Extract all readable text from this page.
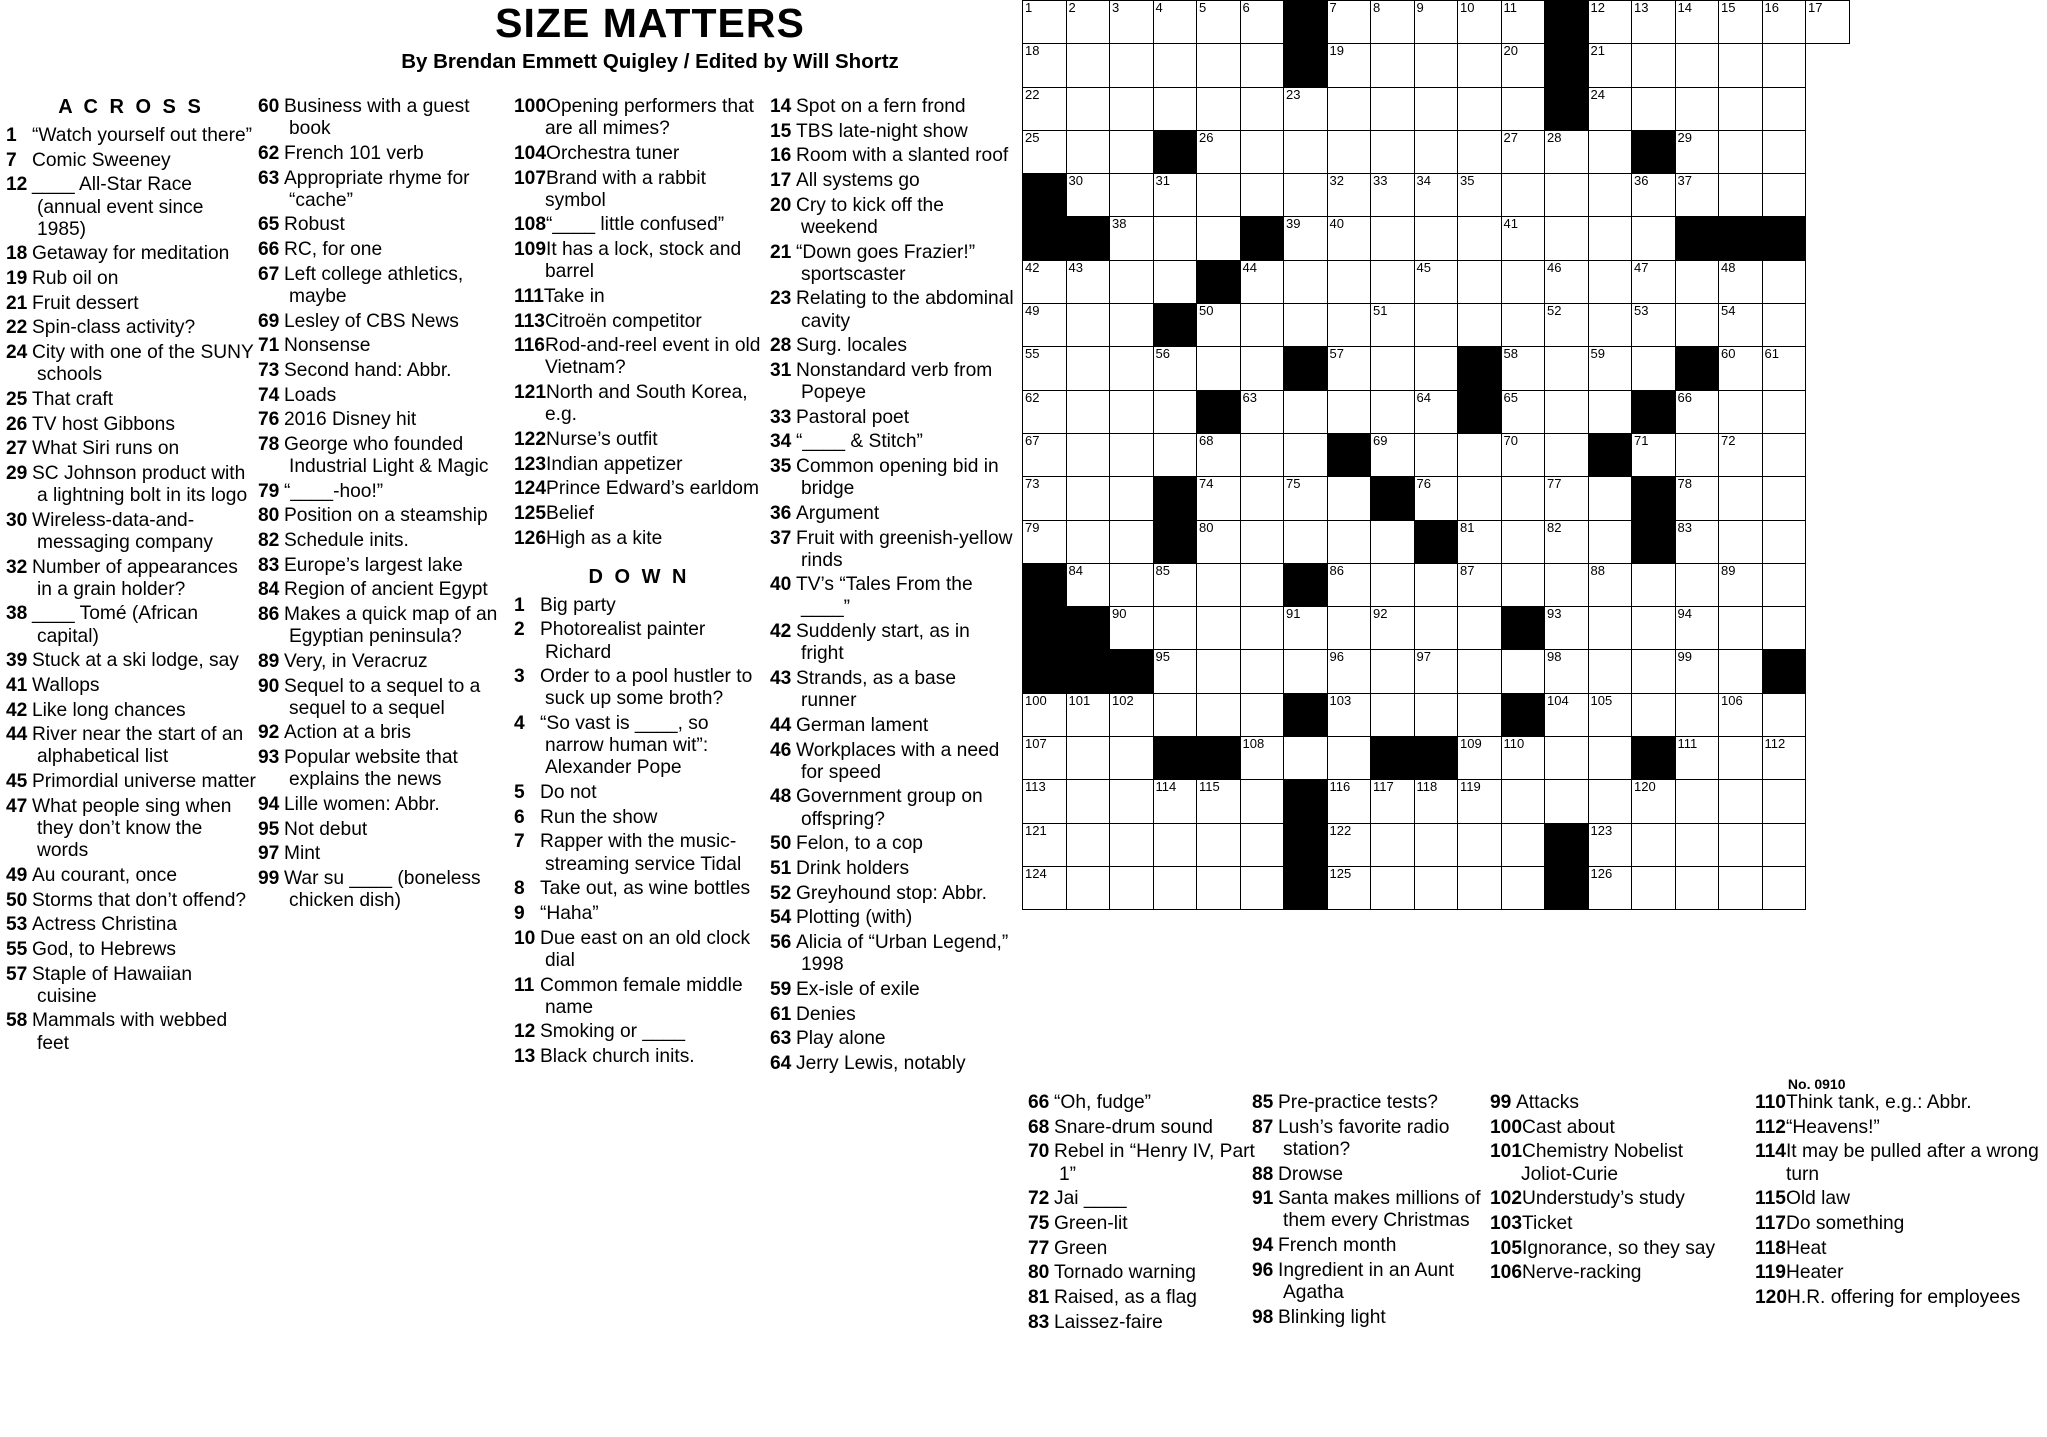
SIZE MATTERS
By Brendan Emmett Quigley / Edited by Will Shortz
A C R O S S
1 “Watch yourself out there”
7 Comic Sweeney
12 ____ All-Star Race (annual event since 1985)
18 Getaway for meditation
19 Rub oil on
21 Fruit dessert
22 Spin-class activity?
24 City with one of the SUNY schools
25 That craft
26 TV host Gibbons
27 What Siri runs on
29 SC Johnson product with a lightning bolt in its logo
30 Wireless-data-and-messaging company
32 Number of appearances in a grain holder?
38 ____ Tomé (African capital)
39 Stuck at a ski lodge, say
41 Wallops
42 Like long chances
44 River near the start of an alphabetical list
45 Primordial universe matter
47 What people sing when they don’t know the words
49 Au courant, once
50 Storms that don’t offend?
53 Actress Christina
55 God, to Hebrews
57 Staple of Hawaiian cuisine
58 Mammals with webbed feet
60 Business with a guest book
62 French 101 verb
63 Appropriate rhyme for “cache”
65 Robust
66 RC, for one
67 Left college athletics, maybe
69 Lesley of CBS News
71 Nonsense
73 Second hand: Abbr.
74 Loads
76 2016 Disney hit
78 George who founded Industrial Light & Magic
79 “____-hoo!”
80 Position on a steamship
82 Schedule inits.
83 Europe’s largest lake
84 Region of ancient Egypt
86 Makes a quick map of an Egyptian peninsula?
89 Very, in Veracruz
90 Sequel to a sequel to a sequel to a sequel
92 Action at a bris
93 Popular website that explains the news
94 Lille women: Abbr.
95 Not debut
97 Mint
99 War su ____ (boneless chicken dish)
100Opening performers that are all mimes?
104Orchestra tuner
107Brand with a rabbit symbol
108“____ little confused”
109It has a lock, stock and barrel
111Take in
113Citroën competitor
116Rod-and-reel event in old Vietnam?
121North and South Korea, e.g.
122Nurse’s outfit
123Indian appetizer
124Prince Edward’s earldom
125Belief
126High as a kite
D O W N
1 Big party
2 Photorealist painter Richard
3 Order to a pool hustler to suck up some broth?
4 “So vast is ____, so narrow human wit”: Alexander Pope
5 Do not
6 Run the show
7 Rapper with the music-streaming service Tidal
8 Take out, as wine bottles
9 “Haha”
10 Due east on an old clock dial
11 Common female middle name
12 Smoking or ____
13 Black church inits.
14 Spot on a fern frond
15 TBS late-night show
16 Room with a slanted roof
17 All systems go
20 Cry to kick off the weekend
21 “Down goes Frazier!” sportscaster
23 Relating to the abdominal cavity
28 Surg. locales
31 Nonstandard verb from Popeye
33 Pastoral poet
34 “____ & Stitch”
35 Common opening bid in bridge
36 Argument
37 Fruit with greenish-yellow rinds
40 TV’s “Tales From the ____”
42 Suddenly start, as in fright
43 Strands, as a base runner
44 German lament
46 Workplaces with a need for speed
48 Government group on offspring?
50 Felon, to a cop
51 Drink holders
52 Greyhound stop: Abbr.
54 Plotting (with)
56 Alicia of “Urban Legend,” 1998
59 Ex-isle of exile
61 Denies
63 Play alone
64 Jerry Lewis, notably
1	2	3	4	5	6		7	8	9	10	11		12	13	14	15	16	17

18							19				20		21					

22						23							24					

25				26							27	28			29			

	30		31				32	33	34	35				36	37			

		38				39	40				41							

42	43				44				45			46		47		48		

49				50				51				52		53		54		

55			56				57				58		59			60	61	

62					63				64		65				66			

67				68				69			70			71		72		

73				74		75			76			77			78			

79				80						81		82			83			

	84		85				86			87			88			89		

		90				91		92				93			94			

			95				96		97			98			99			

100	101	102					103					104	105			106		

107					108					109	110				111		112	

113			114	115			116	117	118	119				120				

121							122						123					

124							125						126					

No. 0910
66 “Oh, fudge”
68 Snare-drum sound
70 Rebel in “Henry IV, Part 1”
72 Jai ____
75 Green-lit
77 Green
80 Tornado warning
81 Raised, as a flag
83 Laissez-faire
85 Pre-practice tests?
87 Lush’s favorite radio station?
88 Drowse
91 Santa makes millions of them every Christmas
94 French month
96 Ingredient in an Aunt Agatha
98 Blinking light
99 Attacks
100Cast about
101Chemistry Nobelist Joliot-Curie
102Understudy’s study
103Ticket
105Ignorance, so they say
106Nerve-racking
110Think tank, e.g.: Abbr.
112“Heavens!”
114It may be pulled after a wrong turn
115Old law
117Do something
118Heat
119Heater
120H.R. offering for employees
